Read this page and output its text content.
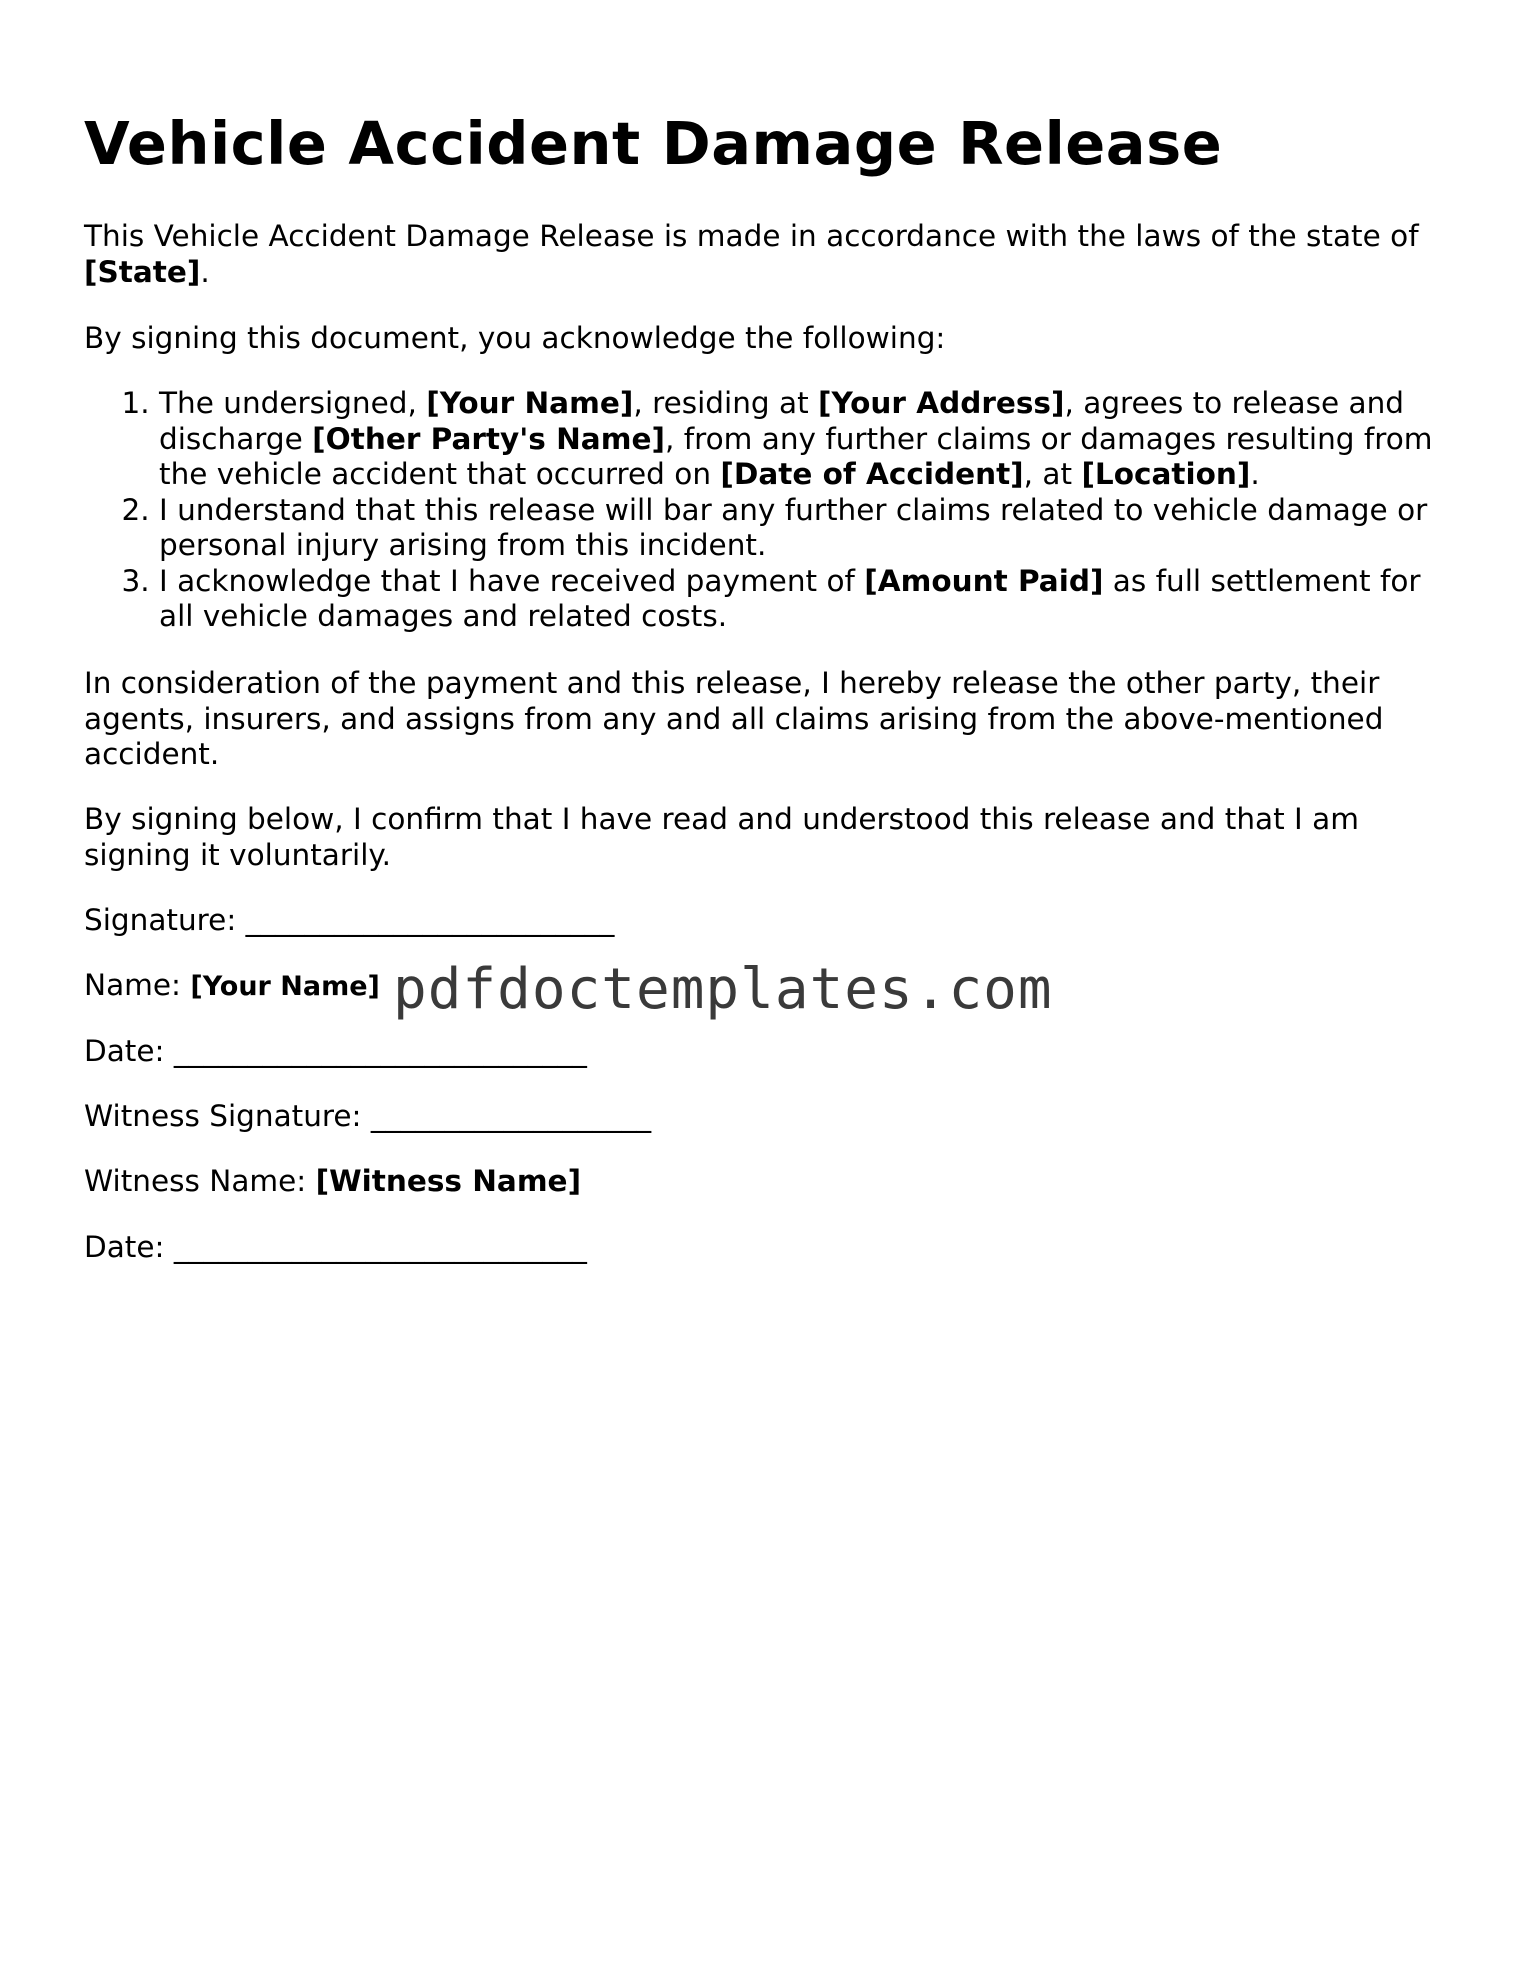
Vehicle Accident Damage Release

This Vehicle Accident Damage Release is made in accordance with the laws of the state of [State].

By signing this document, you acknowledge the following:

1. The undersigned, [Your Name], residing at [Your Address], agrees to release and discharge [Other Party's Name], from any further claims or damages resulting from the vehicle accident that occurred on [Date of Accident], at [Location].
2. I understand that this release will bar any further claims related to vehicle damage or personal injury arising from this incident.
3. I acknowledge that I have received payment of [Amount Paid] as full settlement for all vehicle damages and related costs.

In consideration of the payment and this release, I hereby release the other party, their agents, insurers, and assigns from any and all claims arising from the above-mentioned accident.

By signing below, I confirm that I have read and understood this release and that I am signing it voluntarily.

Signature: _________________________

Name: [Your Name]

Date: ____________________________

Witness Signature: ___________________

Witness Name: [Witness Name]

Date: ____________________________

pdfdoctemplates.com
